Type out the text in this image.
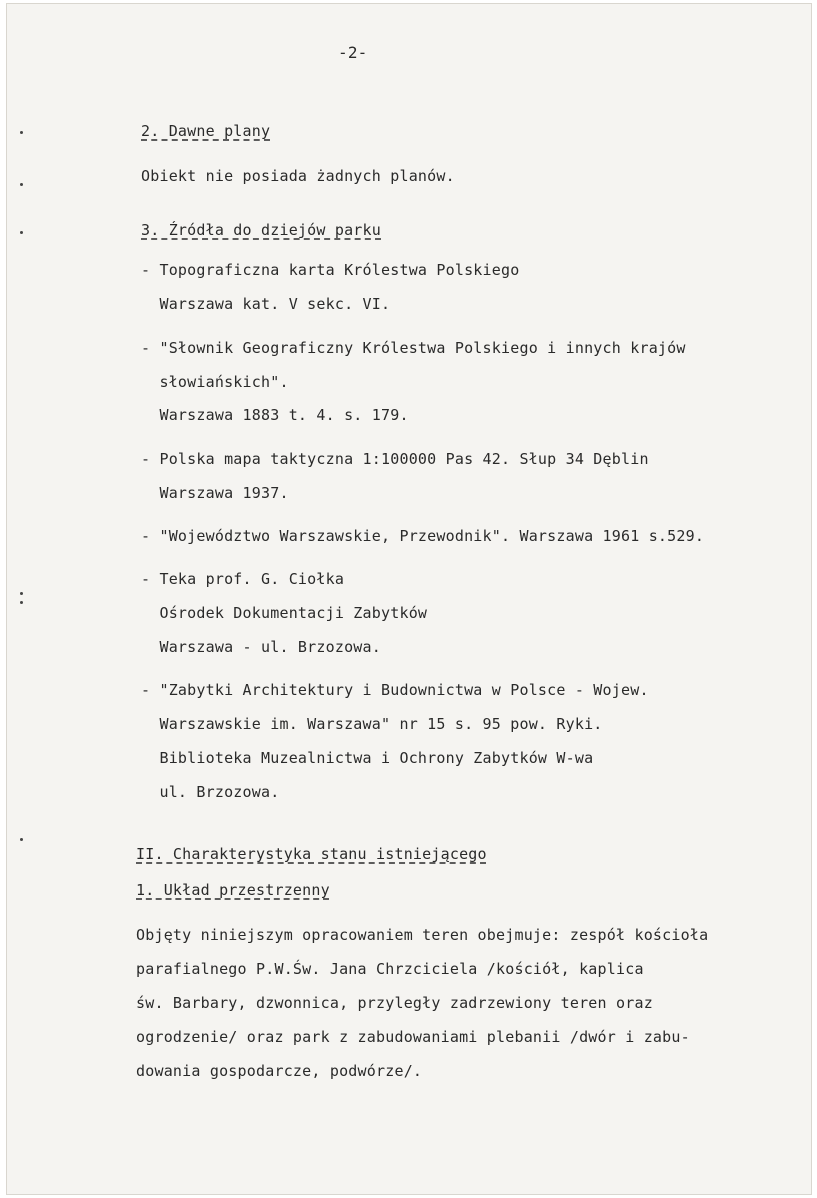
-2-
2. Dawne plany
Obiekt nie posiada żadnych planów.
3. Źródła do dziejów parku
- Topograficzna karta Królestwa Polskiego
Warszawa kat. V sekc. VI.
- "Słownik Geograficzny Królestwa Polskiego i innych krajów
słowiańskich".
Warszawa 1883 t. 4. s. 179.
- Polska mapa taktyczna 1:100000 Pas 42. Słup 34 Dęblin
Warszawa 1937.
- "Województwo Warszawskie, Przewodnik". Warszawa 1961 s.529.
- Teka prof. G. Ciołka
Ośrodek Dokumentacji Zabytków
Warszawa - ul. Brzozowa.
- "Zabytki Architektury i Budownictwa w Polsce - Wojew.
Warszawskie im. Warszawa" nr 15 s. 95 pow. Ryki.
Biblioteka Muzealnictwa i Ochrony Zabytków W-wa
ul. Brzozowa.
II. Charakterystyka stanu istniejącego
1. Układ przestrzenny
Objęty niniejszym opracowaniem teren obejmuje: zespół kościoła
parafialnego P.W.Św. Jana Chrzciciela /kościół, kaplica
św. Barbary, dzwonnica, przyległy zadrzewiony teren oraz
ogrodzenie/ oraz park z zabudowaniami plebanii /dwór i zabu-
dowania gospodarcze, podwórze/.
